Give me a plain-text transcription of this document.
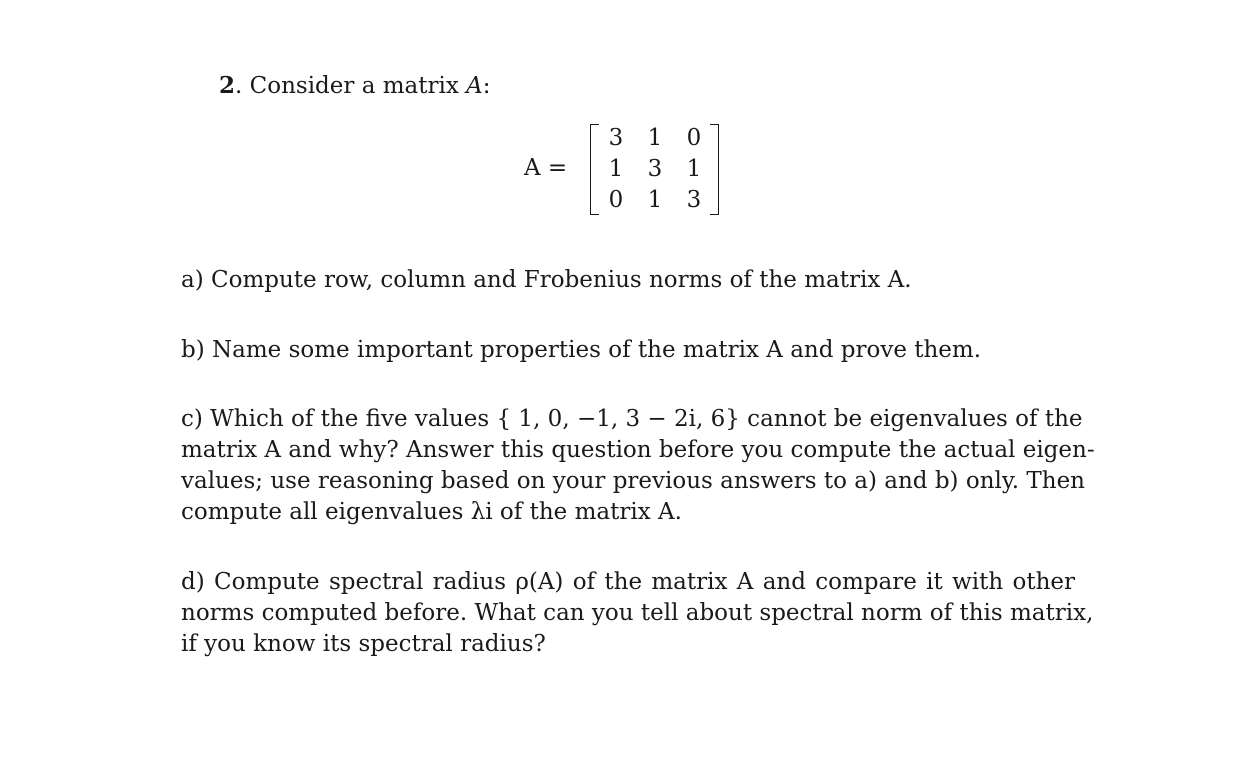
2. Consider a matrix A:
A =
3 1 0
1 3 1
0 1 3
a) Compute row, column and Frobenius norms of the matrix A.
b) Name some important properties of the matrix A and prove them.
c) Which of the five values { 1, 0, −1, 3 − 2i, 6} cannot be eigenvalues of the
matrix A and why? Answer this question before you compute the actual eigen-
values; use reasoning based on your previous answers to a) and b) only. Then
compute all eigenvalues λi of the matrix A.
d) Compute spectral radius ρ(A) of the matrix A and compare it with other
norms computed before. What can you tell about spectral norm of this matrix,
if you know its spectral radius?
